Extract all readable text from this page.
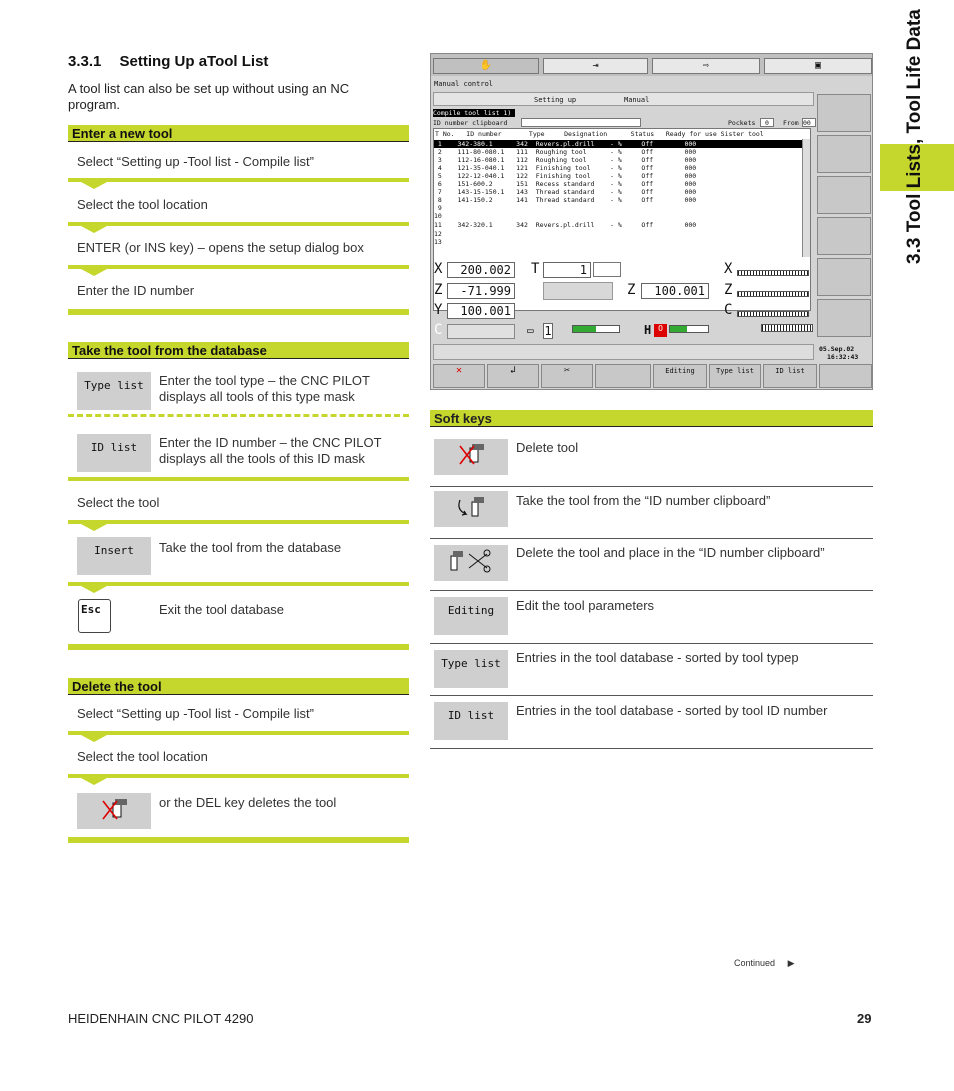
3.3.1 Setting Up aTool List
A tool list can also be set up without using an NC program.
Enter a new tool
Select “Setting up -Tool list - Compile list”
Select the tool location
ENTER (or INS key) – opens the setup dialog box
Enter the ID number
Take the tool from the database
Type list	Enter the tool type – the CNC PILOT displays all tools of this type mask
ID list	Enter the ID number – the CNC PILOT displays all the tools of this ID mask
Select the tool
Insert	Take the tool from the database
Esc	Exit the tool database
Delete the tool
Select “Setting up -Tool list - Compile list”
Select the tool location
or the DEL key deletes the tool
✋	⇥	⇨	▣
Manual control
Setting up	Manual
Compile tool list 1)
ID number clipboard	Pockets	0	From 00
T No.   ID number       Type     Designation      Status   Ready for use Sister tool
1    342-380.1      342  Revers.pl.drill    - %     Off        000
2    111-80-080.1   111  Roughing tool      - %     Off        000
3    112-16-080.1   112  Roughing tool      - %     Off        000
4    121-35-040.1   121  Finishing tool     - %     Off        000
5    122-12-040.1   122  Finishing tool     - %     Off        000
6    151-600.2      151  Recess standard    - %     Off        000
7    143-15-150.1   143  Thread standard    - %     Off        000
8    141-150.2      141  Thread standard    - %     Off        000
9
10
11    342-320.1      342  Revers.pl.drill    - %     Off        000
12
13
X	200.002
Z	-71.999
Y	100.001
C
T	1
Z	100.001
X
Z
C
▭ 1	H O
05.Sep.02
16:32:43
✕	↲	✂	Editing	Type list	ID list
Soft keys
Delete tool
Take the tool from the “ID number clipboard”
Delete the tool and place in the “ID number clipboard”
Editing	Edit the tool parameters
Type list	Entries in the tool database - sorted by tool typep
ID list	Entries in the tool database - sorted by tool ID number
3.3 Tool Lists, Tool Life Data
Continued ▶
HEIDENHAIN CNC PILOT 4290	29
